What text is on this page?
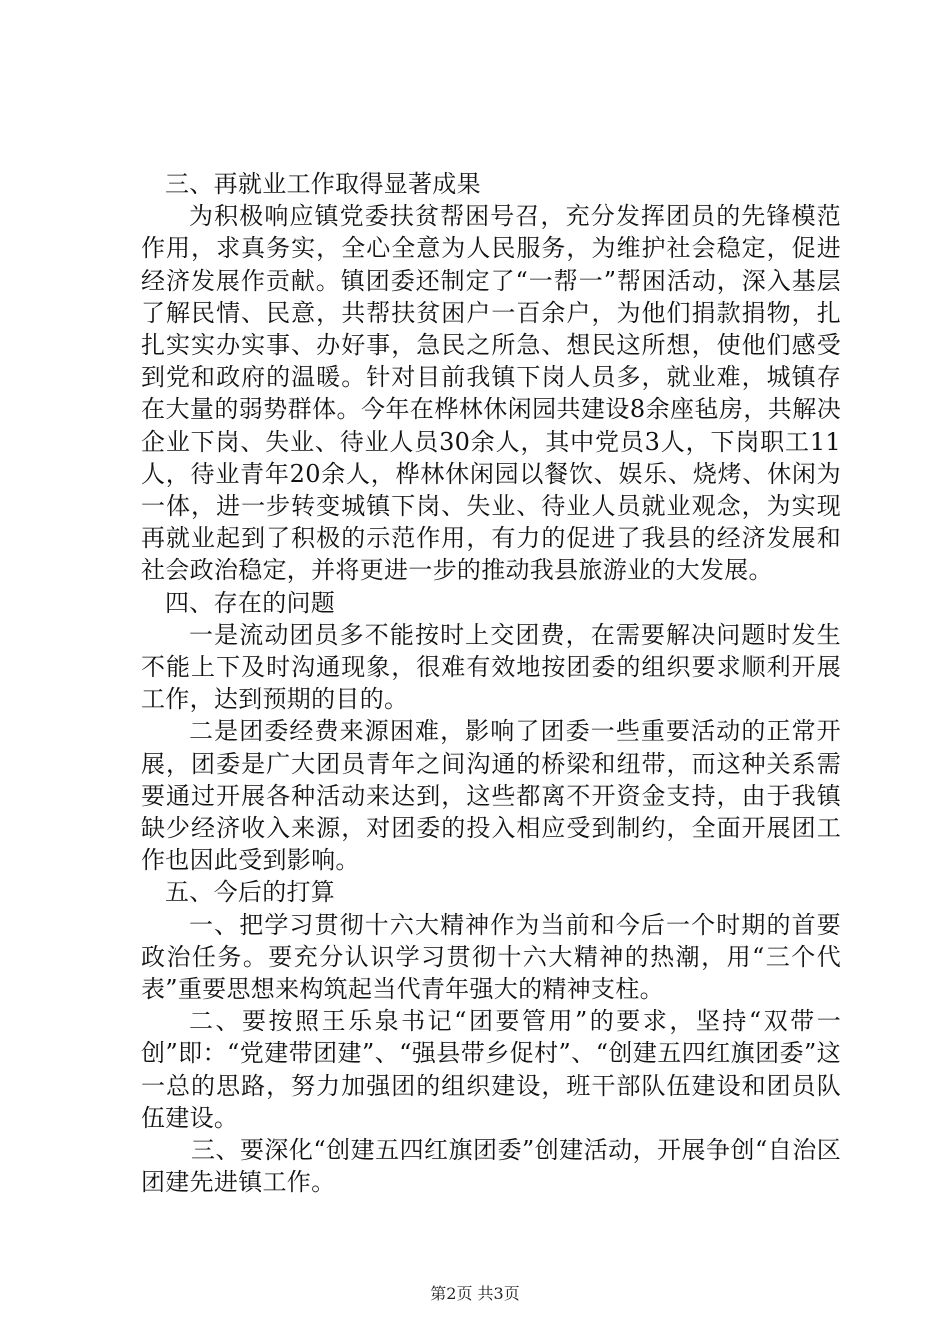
三、再就业工作取得显著成果

为积极响应镇党委扶贫帮困号召，充分发挥团员的先锋模范作用，求真务实，全心全意为人民服务，为维护社会稳定，促进经济发展作贡献。镇团委还制定了“一帮一”帮困活动，深入基层了解民情、民意，共帮扶贫困户一百余户，为他们捐款捐物，扎扎实实办实事、办好事，急民之所急、想民这所想，使他们感受到党和政府的温暖。针对目前我镇下岗人员多，就业难，城镇存在大量的弱势群体。今年在桦林休闲园共建设8余座毡房，共解决企业下岗、失业、待业人员30余人，其中党员3人，下岗职工11人，待业青年20余人，桦林休闲园以餐饮、娱乐、烧烤、休闲为一体，进一步转变城镇下岗、失业、待业人员就业观念，为实现再就业起到了积极的示范作用，有力的促进了我县的经济发展和社会政治稳定，并将更进一步的推动我县旅游业的大发展。

四、存在的问题

一是流动团员多不能按时上交团费，在需要解决问题时发生不能上下及时沟通现象，很难有效地按团委的组织要求顺利开展工作，达到预期的目的。

二是团委经费来源困难，影响了团委一些重要活动的正常开展，团委是广大团员青年之间沟通的桥梁和纽带，而这种关系需要通过开展各种活动来达到，这些都离不开资金支持，由于我镇缺少经济收入来源，对团委的投入相应受到制约，全面开展团工作也因此受到影响。

五、今后的打算

一、把学习贯彻十六大精神作为当前和今后一个时期的首要政治任务。要充分认识学习贯彻十六大精神的热潮，用“三个代表”重要思想来构筑起当代青年强大的精神支柱。

二、要按照王乐泉书记“团要管用”的要求，坚持“双带一创”即：“党建带团建”、“强县带乡促村”、“创建五四红旗团委”这一总的思路，努力加强团的组织建设，班干部队伍建设和团员队伍建设。

三、要深化“创建五四红旗团委”创建活动，开展争创“自治区团建先进镇工作。

第2页 共3页
